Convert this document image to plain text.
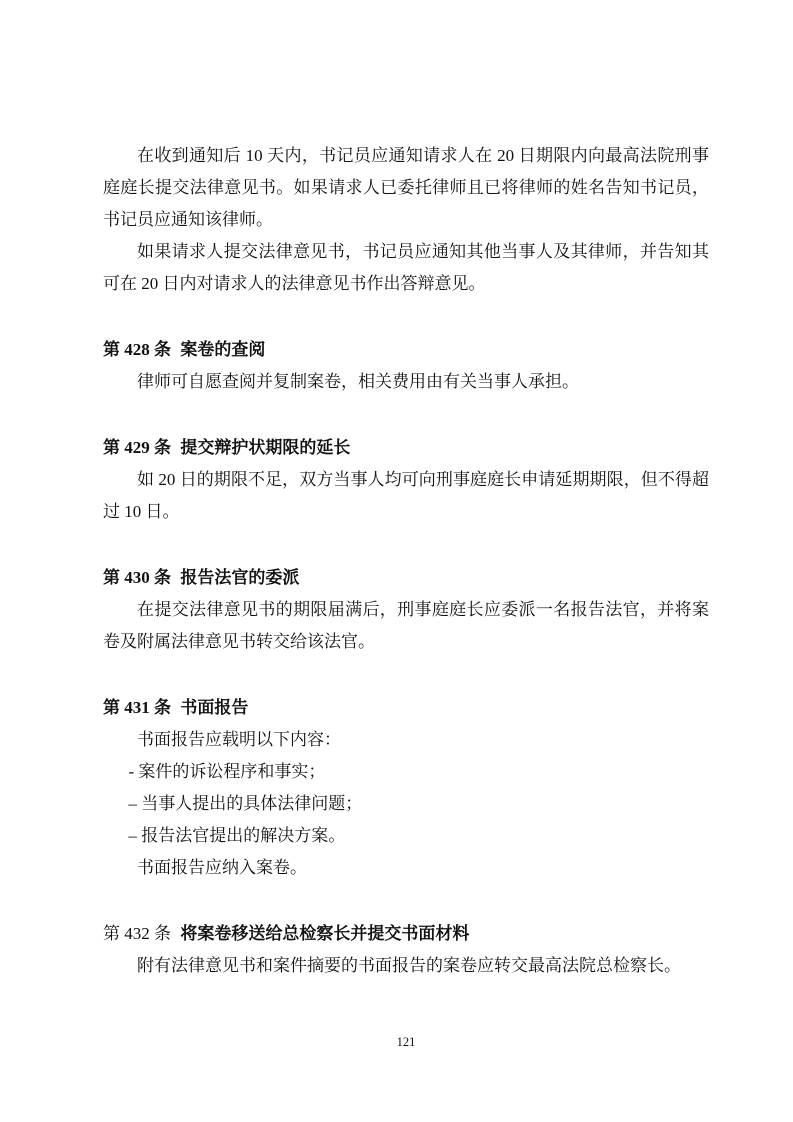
在收到通知后 10 天内，书记员应通知请求人在 20 日期限内向最高法院刑事庭庭长提交法律意见书。如果请求人已委托律师且已将律师的姓名告知书记员，书记员应通知该律师。

如果请求人提交法律意见书，书记员应通知其他当事人及其律师，并告知其可在 20 日内对请求人的法律意见书作出答辩意见。

第 428 条 案卷的查阅

律师可自愿查阅并复制案卷，相关费用由有关当事人承担。

第 429 条 提交辩护状期限的延长

如 20 日的期限不足，双方当事人均可向刑事庭庭长申请延期期限，但不得超过 10 日。

第 430 条 报告法官的委派

在提交法律意见书的期限届满后，刑事庭庭长应委派一名报告法官，并将案卷及附属法律意见书转交给该法官。

第 431 条 书面报告

书面报告应载明以下内容：

- 案件的诉讼程序和事实；

– 当事人提出的具体法律问题；

– 报告法官提出的解决方案。

书面报告应纳入案卷。

第 432 条 将案卷移送给总检察长并提交书面材料

附有法律意见书和案件摘要的书面报告的案卷应转交最高法院总检察长。

121
